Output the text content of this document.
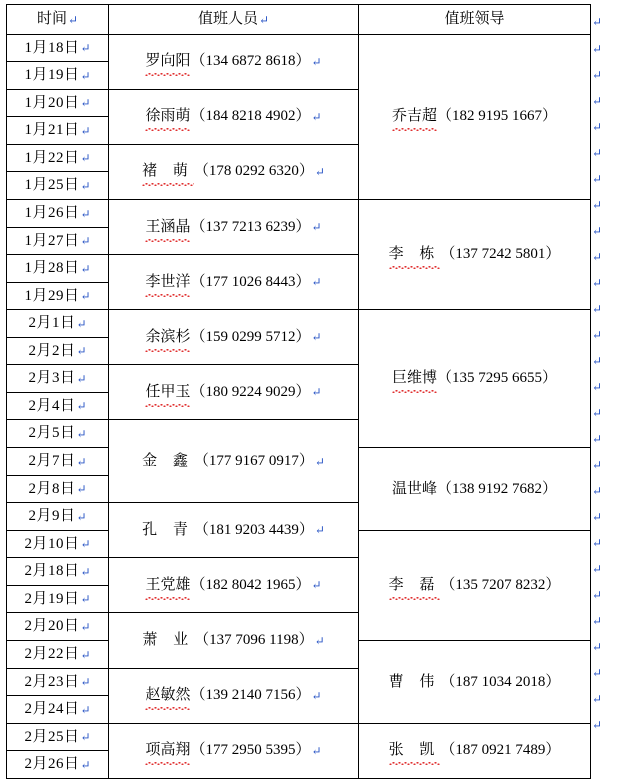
时间↵	值班人员↵	值班领导

1月18日↵	罗向阳（134 6872 8618）↵	乔吉超（182 9195 1667）

1月19日↵		

1月20日↵	徐雨萌（184 8218 4902）↵	

1月21日↵		

1月22日↵	褚 萌（178 0292 6320）↵	

1月25日↵		

1月26日↵	王涵晶（137 7213 6239）↵	李 栋（137 7242 5801）

1月27日↵		

1月28日↵	李世洋（177 1026 8443）↵	

1月29日↵		

2月1日↵	余滨杉（159 0299 5712）↵	巨维博（135 7295 6655）

2月2日↵		

2月3日↵	任甲玉（180 9224 9029）↵	

2月4日↵		

2月5日↵	金 鑫（177 9167 0917）↵	

2月7日↵		温世峰（138 9192 7682）

2月8日↵		

2月9日↵	孔 青（181 9203 4439）↵	

2月10日↵		李 磊（135 7207 8232）

2月18日↵	王党雄（182 8042 1965）↵	

2月19日↵		

2月20日↵	萧 业（137 7096 1198）↵	

2月22日↵		曹 伟（187 1034 2018）

2月23日↵	赵敏然（139 2140 7156）↵	

2月24日↵		

2月25日↵	项高翔（177 2950 5395）↵	张 凯（187 0921 7489）

2月26日↵		
↵
↵
↵
↵
↵
↵
↵
↵
↵
↵
↵
↵
↵
↵
↵
↵
↵
↵
↵
↵
↵
↵
↵
↵
↵
↵
↵
↵
